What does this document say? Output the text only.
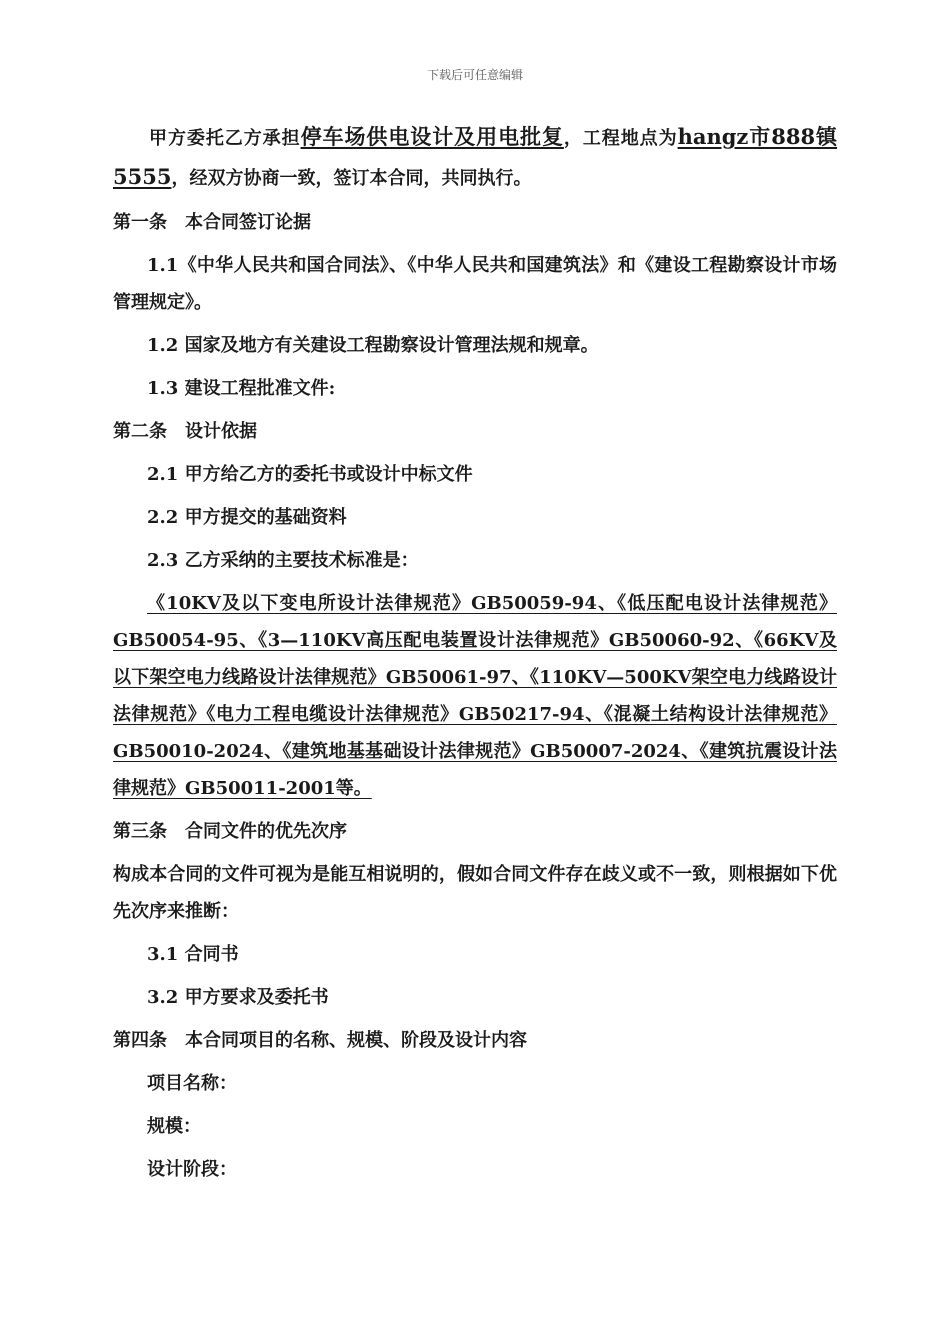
下载后可任意编辑

甲方委托乙方承担停车场供电设计及用电批复，工程地点为hangz市888镇5555，经双方协商一致，签订本合同，共同执行。

第一条　本合同签订论据

1.1《中华人民共和国合同法》、《中华人民共和国建筑法》和《建设工程勘察设计市场管理规定》。

1.2 国家及地方有关建设工程勘察设计管理法规和规章。

1.3 建设工程批准文件:

第二条　设计依据

2.1 甲方给乙方的委托书或设计中标文件

2.2 甲方提交的基础资料

2.3 乙方采纳的主要技术标准是：

《10KV及以下变电所设计法律规范》GB50059-94、《低压配电设计法律规范》GB50054-95、《3—110KV高压配电装置设计法律规范》GB50060-92、《66KV及以下架空电力线路设计法律规范》GB50061-97、《110KV—500KV架空电力线路设计法律规范》《电力工程电缆设计法律规范》GB50217-94、《混凝土结构设计法律规范》GB50010-2024、《建筑地基基础设计法律规范》GB50007-2024、《建筑抗震设计法律规范》GB50011-2001等。

第三条　合同文件的优先次序

构成本合同的文件可视为是能互相说明的，假如合同文件存在歧义或不一致，则根据如下优先次序来推断：

3.1 合同书

3.2 甲方要求及委托书

第四条　本合同项目的名称、规模、阶段及设计内容

项目名称：

规模：

设计阶段：
